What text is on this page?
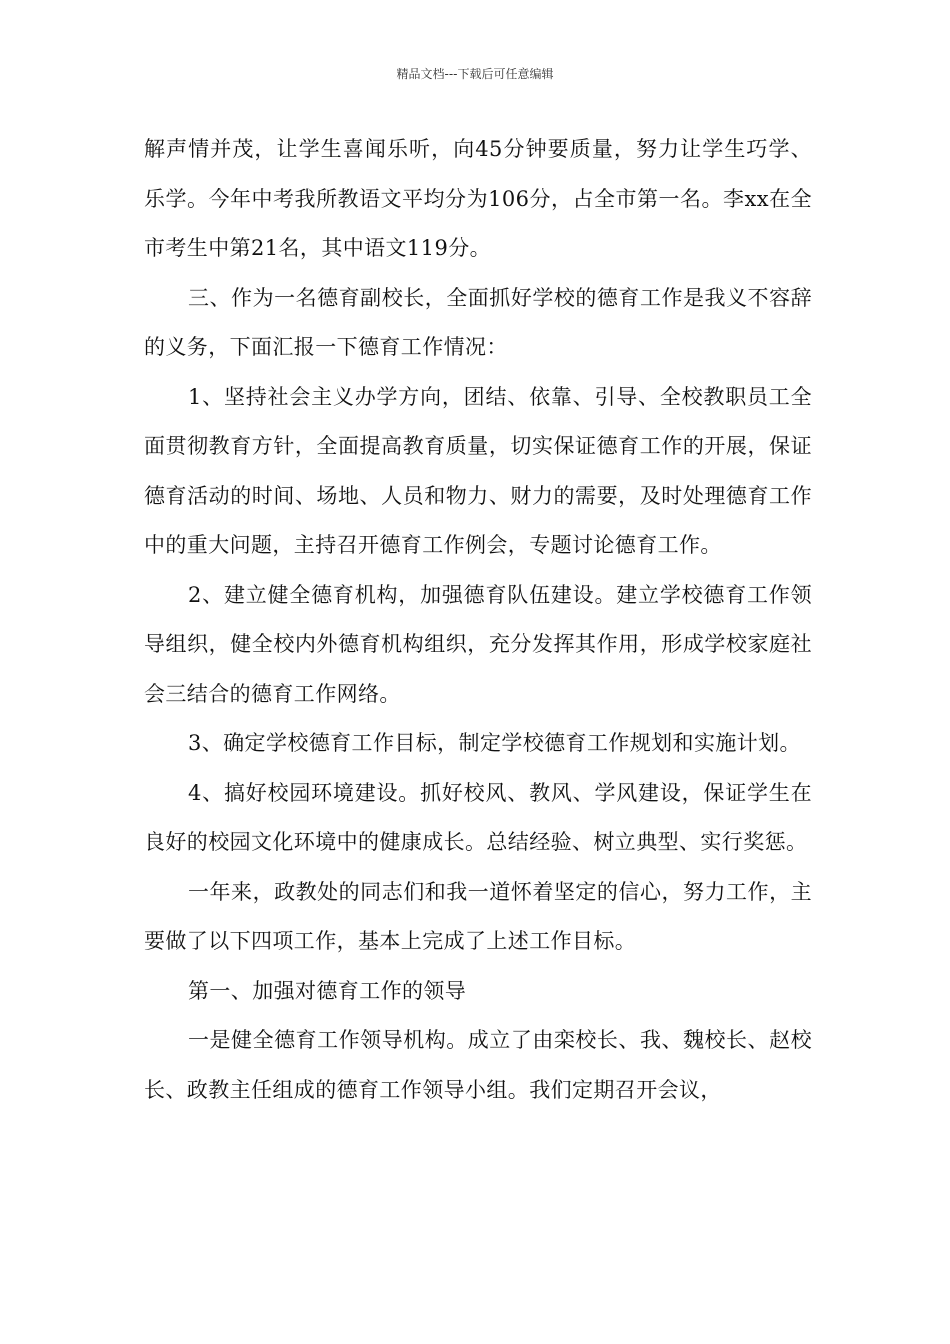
精品文档---下载后可任意编辑

解声情并茂，让学生喜闻乐听，向45分钟要质量，努力让学生巧学、乐学。今年中考我所教语文平均分为106分，占全市第一名。李xx在全市考生中第21名，其中语文119分。

三、作为一名德育副校长，全面抓好学校的德育工作是我义不容辞的义务，下面汇报一下德育工作情况：

1、坚持社会主义办学方向，团结、依靠、引导、全校教职员工全面贯彻教育方针，全面提高教育质量，切实保证德育工作的开展，保证德育活动的时间、场地、人员和物力、财力的需要，及时处理德育工作中的重大问题，主持召开德育工作例会，专题讨论德育工作。

2、建立健全德育机构，加强德育队伍建设。建立学校德育工作领导组织，健全校内外德育机构组织，充分发挥其作用，形成学校家庭社会三结合的德育工作网络。

3、确定学校德育工作目标，制定学校德育工作规划和实施计划。

4、搞好校园环境建设。抓好校风、教风、学风建设，保证学生在良好的校园文化环境中的健康成长。总结经验、树立典型、实行奖惩。

一年来，政教处的同志们和我一道怀着坚定的信心，努力工作，主要做了以下四项工作，基本上完成了上述工作目标。

第一、加强对德育工作的领导

一是健全德育工作领导机构。成立了由栾校长、我、魏校长、赵校长、政教主任组成的德育工作领导小组。我们定期召开会议，
